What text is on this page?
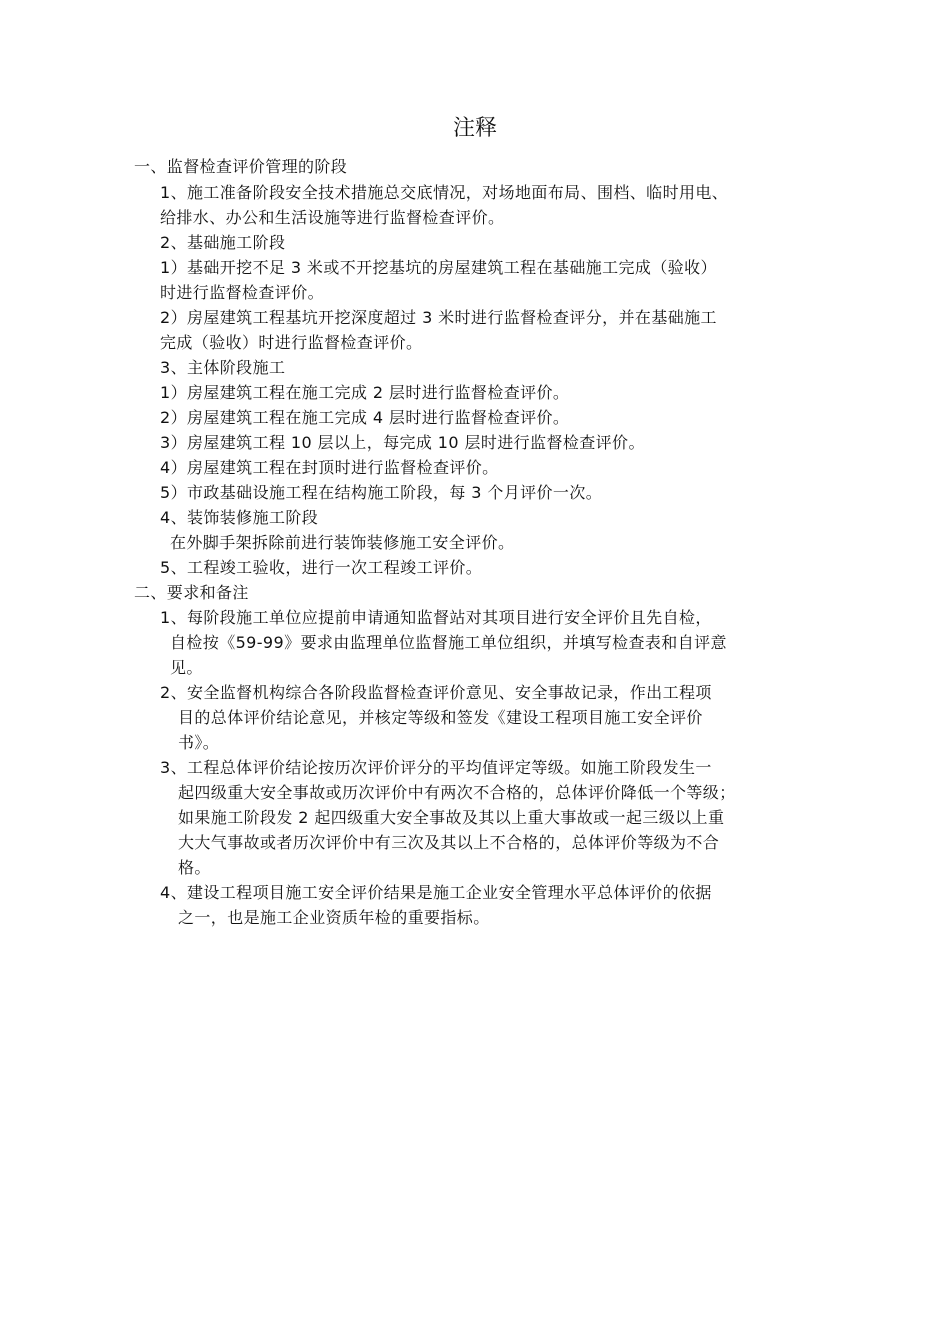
注释
一、监督检查评价管理的阶段
1、施工准备阶段安全技术措施总交底情况，对场地面布局、围档、临时用电、
给排水、办公和生活设施等进行监督检查评价。
2、基础施工阶段
1）基础开挖不足 3 米或不开挖基坑的房屋建筑工程在基础施工完成（验收）
时进行监督检查评价。
2）房屋建筑工程基坑开挖深度超过 3 米时进行监督检查评分，并在基础施工
完成（验收）时进行监督检查评价。
3、主体阶段施工
1）房屋建筑工程在施工完成 2 层时进行监督检查评价。
2）房屋建筑工程在施工完成 4 层时进行监督检查评价。
3）房屋建筑工程 10 层以上，每完成 10 层时进行监督检查评价。
4）房屋建筑工程在封顶时进行监督检查评价。
5）市政基础设施工程在结构施工阶段，每 3 个月评价一次。
4、装饰装修施工阶段
在外脚手架拆除前进行装饰装修施工安全评价。
5、工程竣工验收，进行一次工程竣工评价。
二、要求和备注
1、每阶段施工单位应提前申请通知监督站对其项目进行安全评价且先自检，
自检按《59-99》要求由监理单位监督施工单位组织，并填写检查表和自评意
见。
2、安全监督机构综合各阶段监督检查评价意见、安全事故记录，作出工程项
目的总体评价结论意见，并核定等级和签发《建设工程项目施工安全评价
书》。
3、工程总体评价结论按历次评价评分的平均值评定等级。如施工阶段发生一
起四级重大安全事故或历次评价中有两次不合格的，总体评价降低一个等级；
如果施工阶段发 2 起四级重大安全事故及其以上重大事故或一起三级以上重
大大气事故或者历次评价中有三次及其以上不合格的，总体评价等级为不合
格。
4、建设工程项目施工安全评价结果是施工企业安全管理水平总体评价的依据
之一，也是施工企业资质年检的重要指标。
